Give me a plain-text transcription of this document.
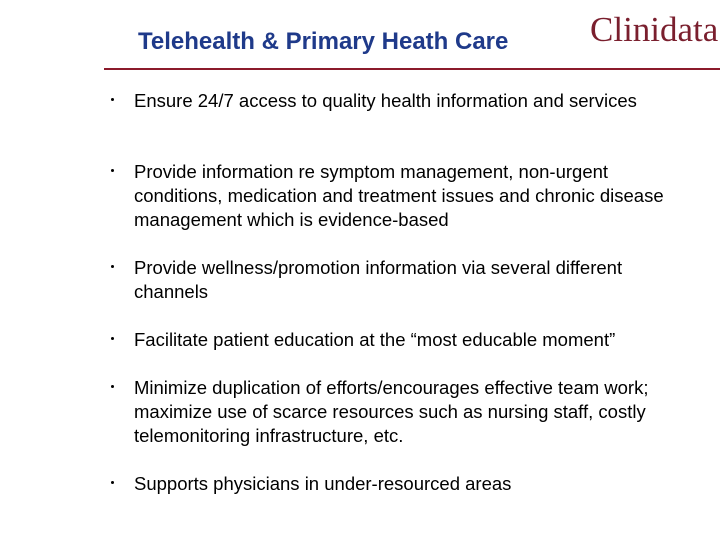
Telehealth & Primary Heath Care Clinidata
Ensure 24/7 access to quality health information and services
Provide information re symptom management, non-urgent conditions, medication and treatment issues and chronic disease management which is evidence-based
Provide wellness/promotion information via several different channels
Facilitate patient education at the “most educable moment”
Minimize duplication of efforts/encourages effective team work; maximize use of scarce resources such as nursing staff, costly telemonitoring infrastructure, etc.
Supports physicians in under-resourced areas
